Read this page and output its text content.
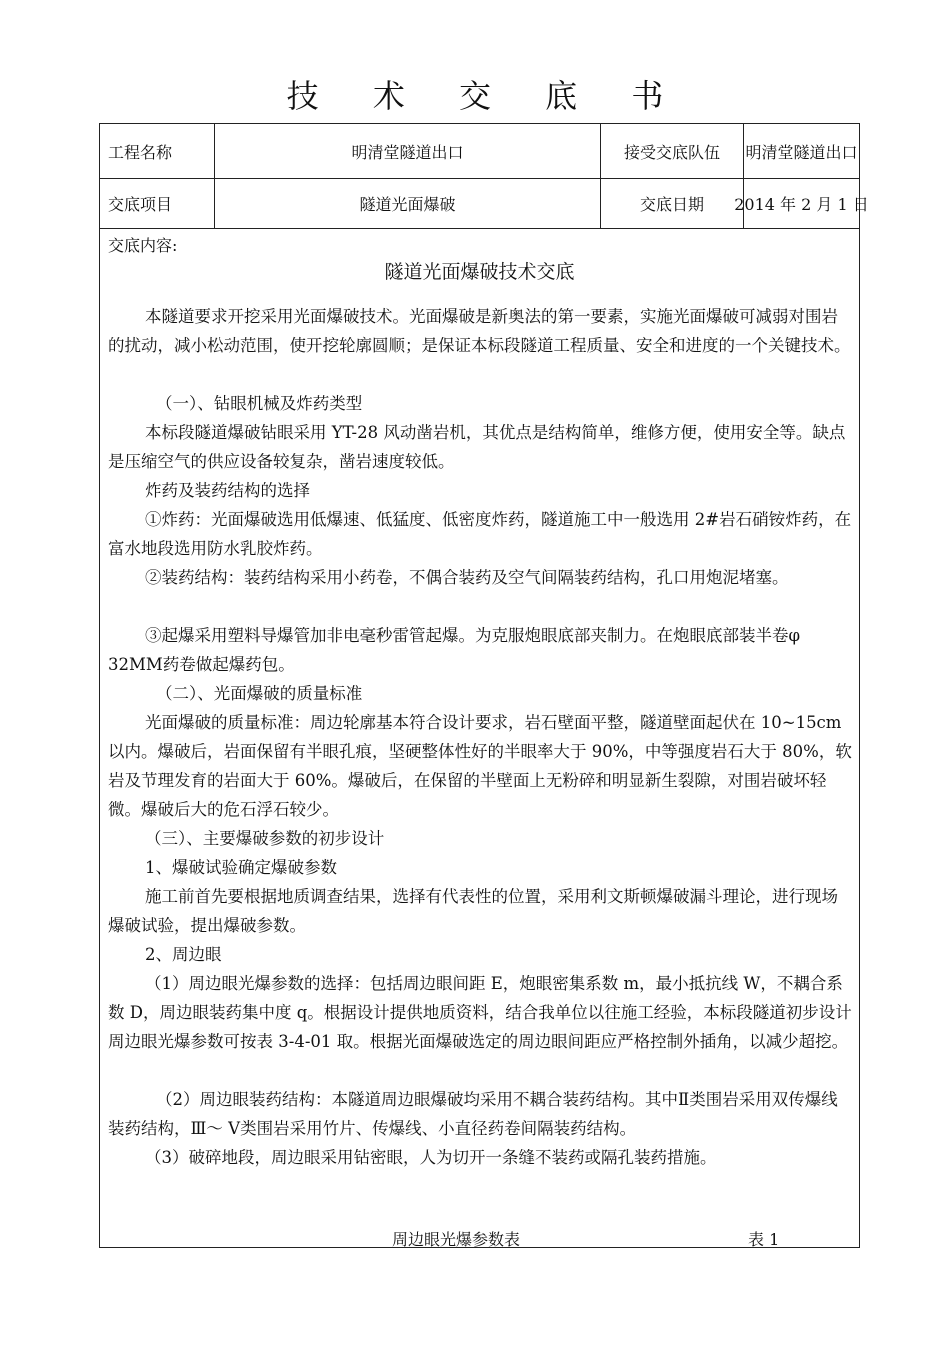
技 术 交 底 书
工程名称	明清堂隧道出口	接受交底队伍	明清堂隧道出口
交底项目	隧道光面爆破	交底日期	2014 年 2 月 1 日
交底内容:
隧道光面爆破技术交底
本隧道要求开挖采用光面爆破技术。光面爆破是新奥法的第一要素，实施光面爆破可减弱对围岩的扰动，减小松动范围，使开挖轮廓圆顺；是保证本标段隧道工程质量、安全和进度的一个关键技术。
（一）、钻眼机械及炸药类型
本标段隧道爆破钻眼采用 YT-28 风动凿岩机，其优点是结构简单，维修方便，使用安全等。缺点是压缩空气的供应设备较复杂，凿岩速度较低。
炸药及装药结构的选择
①炸药：光面爆破选用低爆速、低猛度、低密度炸药，隧道施工中一般选用 2#岩石硝铵炸药，在富水地段选用防水乳胶炸药。
②装药结构：装药结构采用小药卷，不偶合装药及空气间隔装药结构，孔口用炮泥堵塞。
③起爆采用塑料导爆管加非电毫秒雷管起爆。为克服炮眼底部夹制力。在炮眼底部装半卷φ 32MM药卷做起爆药包。
（二）、光面爆破的质量标准
光面爆破的质量标准：周边轮廓基本符合设计要求，岩石壁面平整，隧道壁面起伏在 10~15cm以内。爆破后，岩面保留有半眼孔痕，坚硬整体性好的半眼率大于 90%，中等强度岩石大于 80%，软岩及节理发育的岩面大于 60%。爆破后，在保留的半壁面上无粉碎和明显新生裂隙，对围岩破坏轻微。爆破后大的危石浮石较少。
（三）、主要爆破参数的初步设计
1、爆破试验确定爆破参数
施工前首先要根据地质调查结果，选择有代表性的位置，采用利文斯顿爆破漏斗理论，进行现场爆破试验，提出爆破参数。
2、周边眼
（1）周边眼光爆参数的选择：包括周边眼间距 E，炮眼密集系数 m，最小抵抗线 W，不耦合系数 D，周边眼装药集中度 q。根据设计提供地质资料，结合我单位以往施工经验，本标段隧道初步设计周边眼光爆参数可按表 3-4-01 取。根据光面爆破选定的周边眼间距应严格控制外插角，以减少超挖。
（2）周边眼装药结构：本隧道周边眼爆破均采用不耦合装药结构。其中Ⅱ类围岩采用双传爆线装药结构，Ⅲ～ Ⅴ类围岩采用竹片、传爆线、小直径药卷间隔装药结构。
（3）破碎地段，周边眼采用钻密眼，人为切开一条缝不装药或隔孔装药措施。
周边眼光爆参数表	表 1
